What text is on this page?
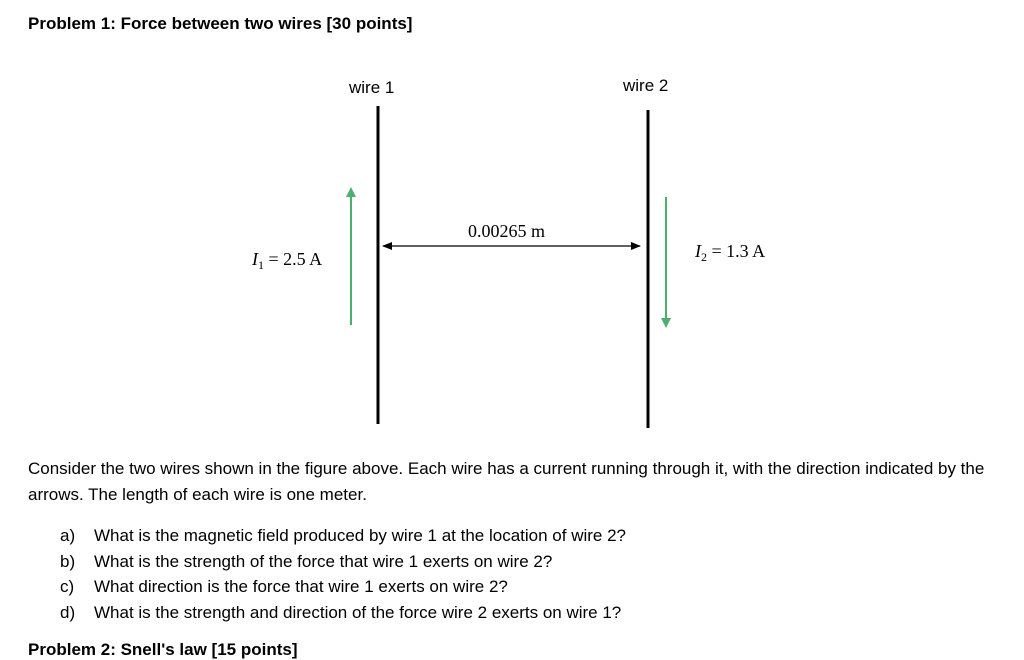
Problem 1: Force between two wires [30 points]
wire 1	wire 2
0.00265 m
$I_1 = 2.5$ A	$I_2 = 1.3$ A

Consider the two wires shown in the figure above. Each wire has a current running through it, with the direction indicated by the arrows. The length of each wire is one meter.

a)	What is the magnetic field produced by wire 1 at the location of wire 2?
b)	What is the strength of the force that wire 1 exerts on wire 2?
c)	What direction is the force that wire 1 exerts on wire 2?
d)	What is the strength and direction of the force wire 2 exerts on wire 1?
Problem 2: Snell's law [15 points]
